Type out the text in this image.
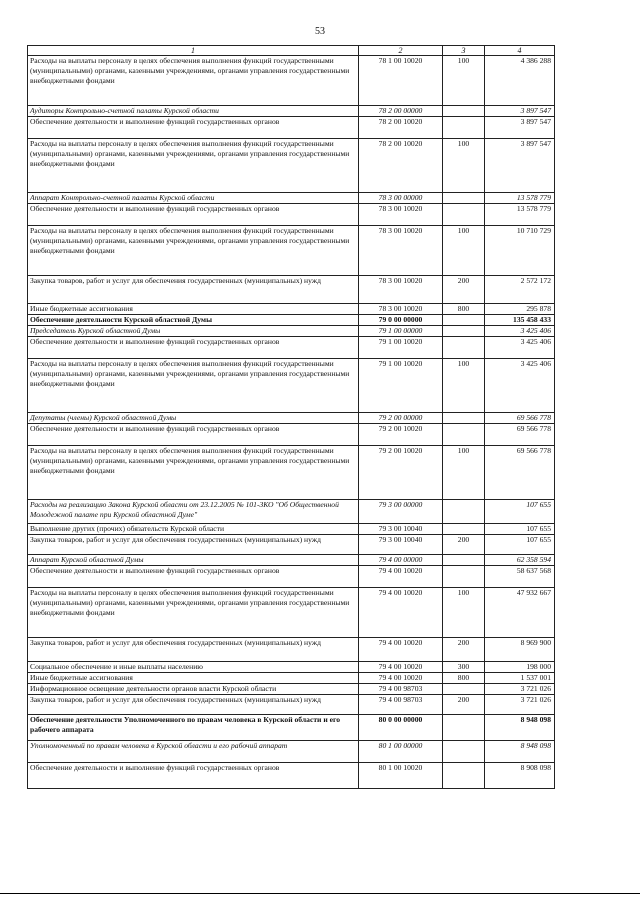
53
1	2	3	4
Расходы на выплаты персоналу в целях обеспечения выполнения функций государственными (муниципальными) органами, казенными учреждениями, органами управления государственными внебюджетными фондами	78 1 00 10020	100	4 386 288
Аудиторы Контрольно-счетной палаты Курской области	78 2 00 00000		3 897 547
Обеспечение деятельности и выполнение функций государственных органов	78 2 00 10020		3 897 547
Расходы на выплаты персоналу в целях обеспечения выполнения функций государственными (муниципальными) органами, казенными учреждениями, органами управления государственными внебюджетными фондами	78 2 00 10020	100	3 897 547
Аппарат Контрольно-счетной палаты Курской области	78 3 00 00000		13 578 779
Обеспечение деятельности и выполнение функций государственных органов	78 3 00 10020		13 578 779
Расходы на выплаты персоналу в целях обеспечения выполнения функций государственными (муниципальными) органами, казенными учреждениями, органами управления государственными внебюджетными фондами	78 3 00 10020	100	10 710 729
Закупка товаров, работ и услуг для обеспечения государственных (муниципальных) нужд	78 3 00 10020	200	2 572 172
Иные бюджетные ассигнования	78 3 00 10020	800	295 878
Обеспечение деятельности Курской областной Думы	79 0 00 00000		135 458 433
Председатель Курской областной Думы	79 1 00 00000		3 425 406
Обеспечение деятельности и выполнение функций государственных органов	79 1 00 10020		3 425 406
Расходы на выплаты персоналу в целях обеспечения выполнения функций государственными (муниципальными) органами, казенными учреждениями, органами управления государственными внебюджетными фондами	79 1 00 10020	100	3 425 406
Депутаты (члены) Курской областной Думы	79 2 00 00000		69 566 778
Обеспечение деятельности и выполнение функций государственных органов	79 2 00 10020		69 566 778
Расходы на выплаты персоналу в целях обеспечения выполнения функций государственными (муниципальными) органами, казенными учреждениями, органами управления государственными внебюджетными фондами	79 2 00 10020	100	69 566 778
Расходы на реализацию Закона Курской области от 23.12.2005 № 101-ЗКО "Об Общественной Молодежной палате при Курской областной Думе"	79 3 00 00000		107 655
Выполнение других (прочих) обязательств Курской области	79 3 00 10040		107 655
Закупка товаров, работ и услуг для обеспечения государственных (муниципальных) нужд	79 3 00 10040	200	107 655
Аппарат Курской областной Думы	79 4 00 00000		62 358 594
Обеспечение деятельности и выполнение функций государственных органов	79 4 00 10020		58 637 568
Расходы на выплаты персоналу в целях обеспечения выполнения функций государственными (муниципальными) органами, казенными учреждениями, органами управления государственными внебюджетными фондами	79 4 00 10020	100	47 932 667
Закупка товаров, работ и услуг для обеспечения государственных (муниципальных) нужд	79 4 00 10020	200	8 969 900
Социальное обеспечение и иные выплаты населению	79 4 00 10020	300	198 000
Иные бюджетные ассигнования	79 4 00 10020	800	1 537 001
Информационное освещение деятельности органов власти Курской области	79 4 00 98703		3 721 026
Закупка товаров, работ и услуг для обеспечения государственных (муниципальных) нужд	79 4 00 98703	200	3 721 026
Обеспечение деятельности Уполномоченного по правам человека в Курской области и его рабочего аппарата	80 0 00 00000		8 948 098
Уполномоченный по правам человека в Курской области и его рабочий аппарат	80 1 00 00000		8 948 098
Обеспечение деятельности и выполнение функций государственных органов	80 1 00 10020		8 908 098
